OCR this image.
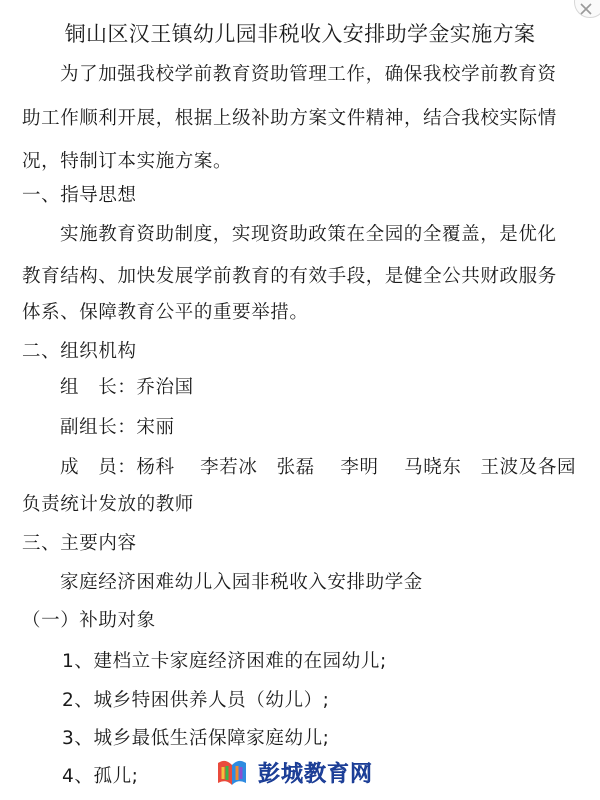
铜山区汉王镇幼儿园非税收入安排助学金实施方案
为了加强我校学前教育资助管理工作，确保我校学前教育资
助工作顺利开展，根据上级补助方案文件精神，结合我校实际情
况，特制订本实施方案。
一、指导思想
实施教育资助制度，实现资助政策在全园的全覆盖，是优化
教育结构、加快发展学前教育的有效手段，是健全公共财政服务
体系、保障教育公平的重要举措。
二、组织机构
组　长：乔治国
副组长：宋丽
成　员：杨科　 李若冰　张磊　 李明　 马晓东　王波及各园
负责统计发放的教师
三、主要内容
家庭经济困难幼儿入园非税收入安排助学金
（一）补助对象
1、建档立卡家庭经济困难的在园幼儿;
2、城乡特困供养人员（幼儿）;
3、城乡最低生活保障家庭幼儿;
4、孤儿;	彭城教育网
